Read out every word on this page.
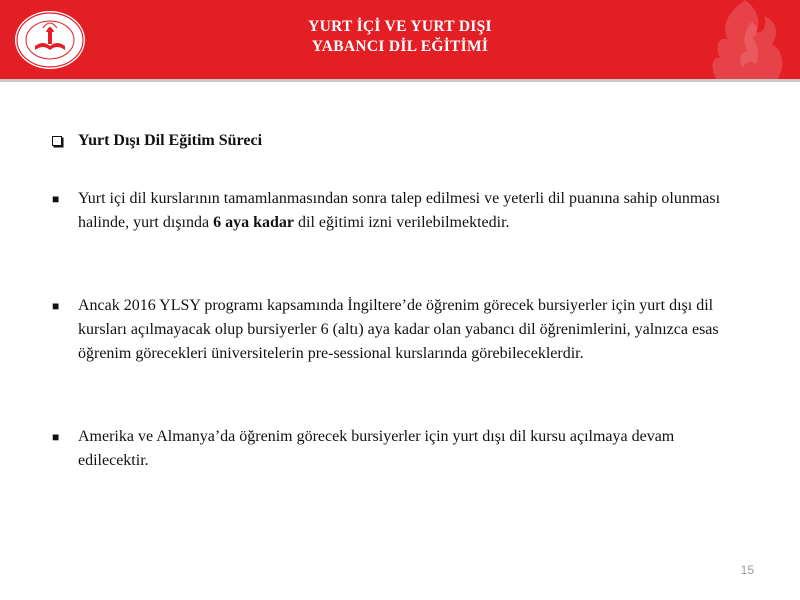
YURT İÇİ VE YURT DIŞI
YABANCI DİL EĞİTİMİ
Yurt Dışı Dil Eğitim Süreci
■	Yurt içi dil kurslarının tamamlanmasından sonra talep edilmesi ve yeterli dil puanına sahip olunması halinde, yurt dışında 6 aya kadar dil eğitimi izni verilebilmektedir.
■	Ancak 2016 YLSY programı kapsamında İngiltere’de öğrenim görecek bursiyerler için yurt dışı dil kursları açılmayacak olup bursiyerler 6 (altı) aya kadar olan yabancı dil öğrenimlerini, yalnızca esas öğrenim görecekleri üniversitelerin pre-sessional kurslarında görebileceklerdir.
■	Amerika ve Almanya’da öğrenim görecek bursiyerler için yurt dışı dil kursu açılmaya devam edilecektir.
15
